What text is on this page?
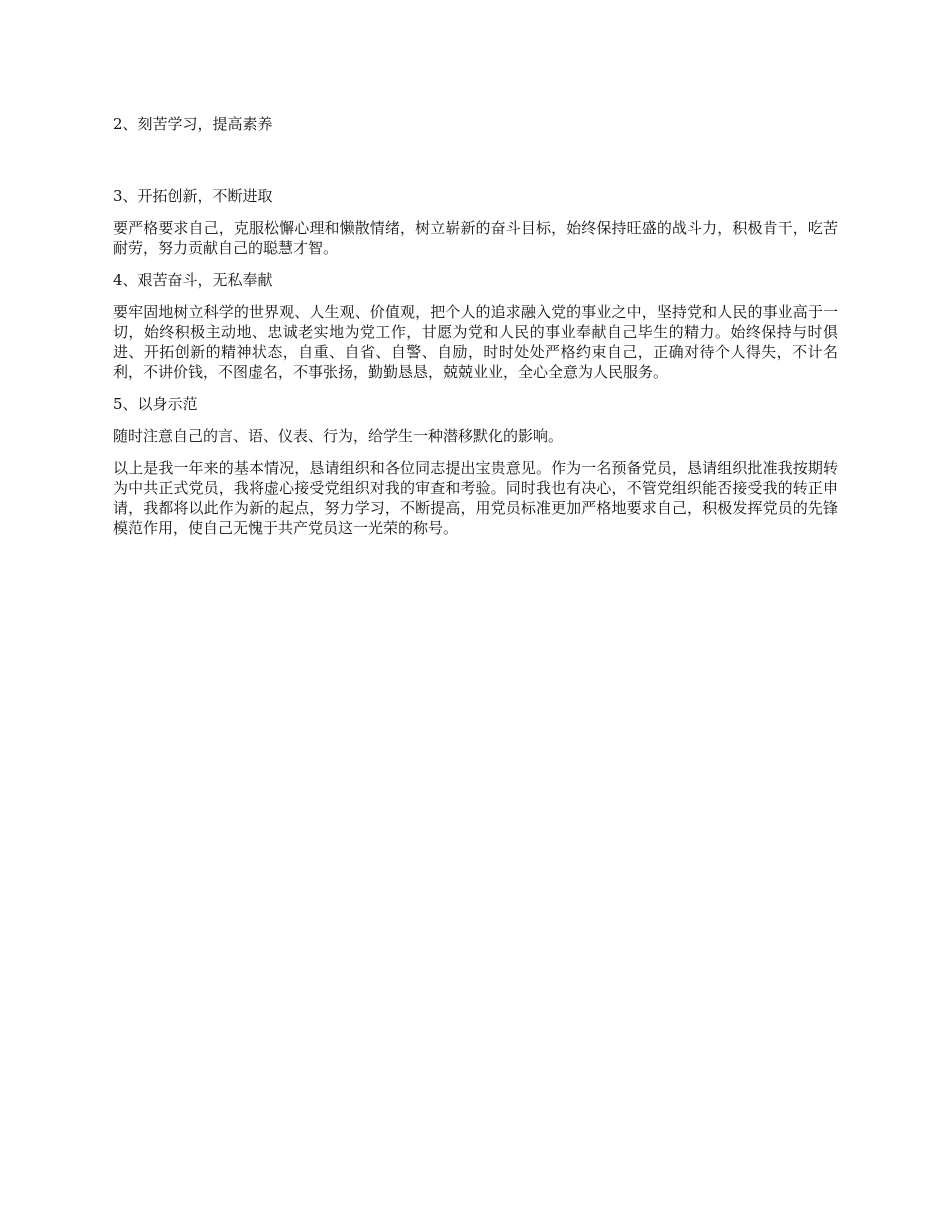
2、刻苦学习，提高素养

3、开拓创新，不断进取

要严格要求自己，克服松懈心理和懒散情绪，树立崭新的奋斗目标，始终保持旺盛的战斗力，积极肯干，吃苦耐劳，努力贡献自己的聪慧才智。

4、艰苦奋斗，无私奉献

要牢固地树立科学的世界观、人生观、价值观，把个人的追求融入党的事业之中，坚持党和人民的事业高于一切，始终积极主动地、忠诚老实地为党工作，甘愿为党和人民的事业奉献自己毕生的精力。始终保持与时俱进、开拓创新的精神状态，自重、自省、自警、自励，时时处处严格约束自己，正确对待个人得失，不计名利，不讲价钱，不图虚名，不事张扬，勤勤恳恳，兢兢业业，全心全意为人民服务。

5、以身示范

随时注意自己的言、语、仪表、行为，给学生一种潜移默化的影响。

以上是我一年来的基本情况，恳请组织和各位同志提出宝贵意见。作为一名预备党员，恳请组织批准我按期转为中共正式党员，我将虚心接受党组织对我的审查和考验。同时我也有决心，不管党组织能否接受我的转正申请，我都将以此作为新的起点，努力学习，不断提高，用党员标准更加严格地要求自己，积极发挥党员的先锋模范作用，使自己无愧于共产党员这一光荣的称号。
